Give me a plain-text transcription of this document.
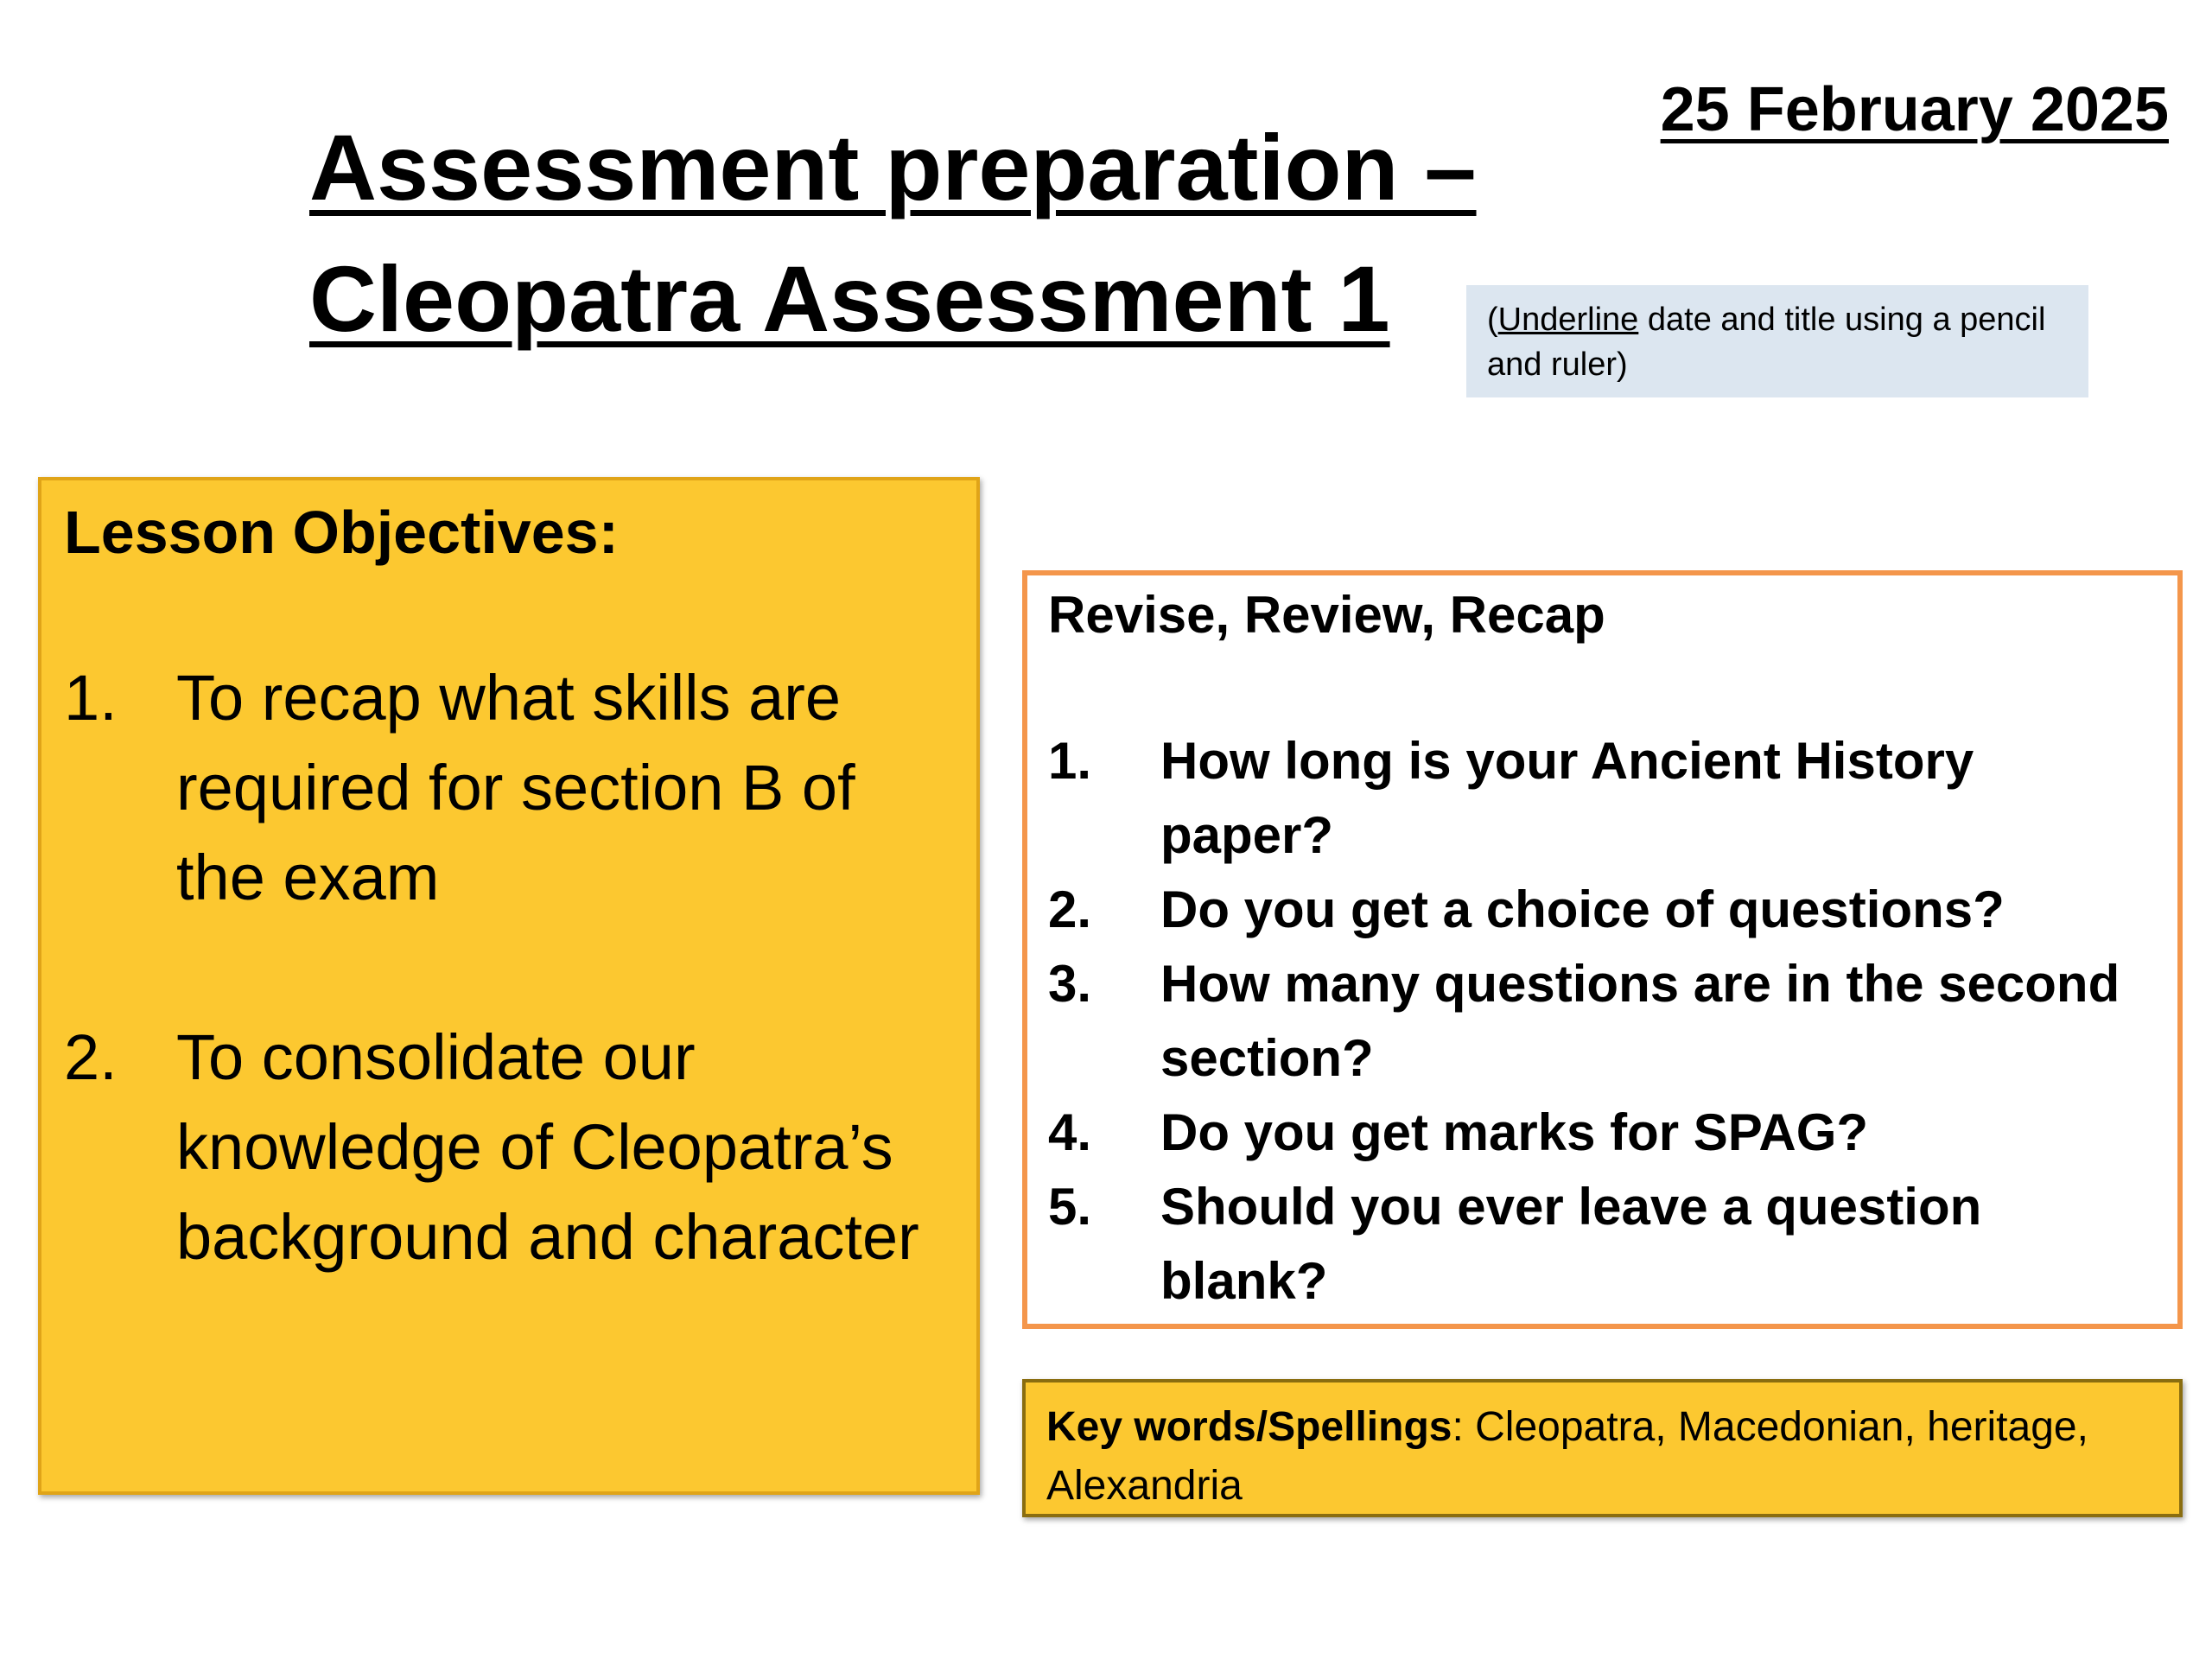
Assessment preparation –
Cleopatra Assessment 1
25 February 2025
(Underline date and title using a pencil and ruler)
Lesson Objectives:
1. To recap what skills are required for section B of the exam
2. To consolidate our knowledge of Cleopatra’s background and character
Revise, Review, Recap
1.	How long is your Ancient History paper?
2.	Do you get a choice of questions?
3.	How many questions are in the second section?
4.	Do you get marks for SPAG?
5.	Should you ever leave a question blank?
Key words/Spellings: Cleopatra, Macedonian, heritage, Alexandria
